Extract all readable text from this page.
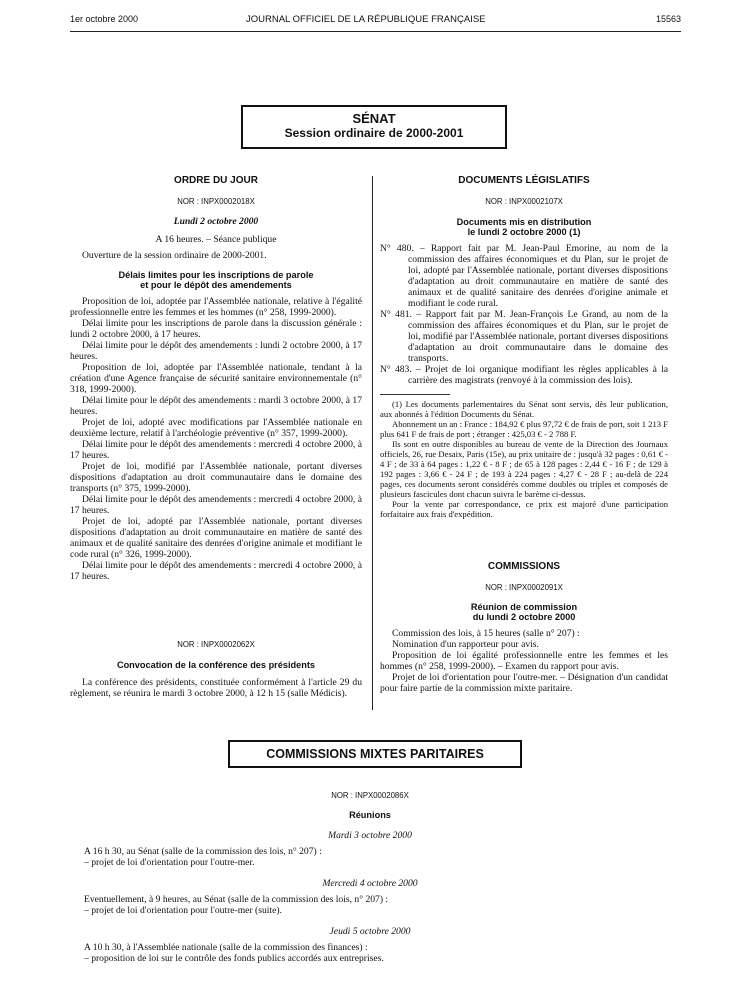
1er octobre 2000	JOURNAL OFFICIEL DE LA RÉPUBLIQUE FRANÇAISE	15563
SÉNAT
Session ordinaire de 2000-2001
ORDRE DU JOUR
NOR : INPX0002018X
Lundi 2 octobre 2000
A 16 heures. – Séance publique

Ouverture de la session ordinaire de 2000-2001.

Délais limites pour les inscriptions de parole
et pour le dépôt des amendements

Proposition de loi, adoptée par l'Assemblée nationale, relative à l'égalité professionnelle entre les femmes et les hommes (n° 258, 1999-2000).

Délai limite pour les inscriptions de parole dans la discussion générale : lundi 2 octobre 2000, à 17 heures.

Délai limite pour le dépôt des amendements : lundi 2 octobre 2000, à 17 heures.

Proposition de loi, adoptée par l'Assemblée nationale, tendant à la création d'une Agence française de sécurité sanitaire environnementale (n° 318, 1999-2000).

Délai limite pour le dépôt des amendements : mardi 3 octobre 2000, à 17 heures.

Projet de loi, adopté avec modifications par l'Assemblée nationale en deuxième lecture, relatif à l'archéologie préventive (n° 357, 1999-2000).

Délai limite pour le dépôt des amendements : mercredi 4 octobre 2000, à 17 heures.

Projet de loi, modifié par l'Assemblée nationale, portant diverses dispositions d'adaptation au droit communautaire dans le domaine des transports (n° 375, 1999-2000).

Délai limite pour le dépôt des amendements : mercredi 4 octobre 2000, à 17 heures.

Projet de loi, adopté par l'Assemblée nationale, portant diverses dispositions d'adaptation au droit communautaire en matière de santé des animaux et de qualité sanitaire des denrées d'origine animale et modifiant le code rural (n° 326, 1999-2000).

Délai limite pour le dépôt des amendements : mercredi 4 octobre 2000, à 17 heures.

NOR : INPX0002062X
Convocation de la conférence des présidents

La conférence des présidents, constituée conformément à l'article 29 du règlement, se réunira le mardi 3 octobre 2000, à 12 h 15 (salle Médicis).

DOCUMENTS LÉGISLATIFS
NOR : INPX0002107X
Documents mis en distribution
le lundi 2 octobre 2000 (1)

N° 480. – Rapport fait par M. Jean-Paul Emorine, au nom de la commission des affaires économiques et du Plan, sur le projet de loi, adopté par l'Assemblée nationale, portant diverses dispositions d'adaptation au droit communautaire en matière de santé des animaux et de qualité sanitaire des denrées d'origine animale et modifiant le code rural.

N° 481. – Rapport fait par M. Jean-François Le Grand, au nom de la commission des affaires économiques et du Plan, sur le projet de loi, modifié par l'Assemblée nationale, portant diverses dispositions d'adaptation au droit communautaire dans le domaine des transports.

N° 483. – Projet de loi organique modifiant les règles applicables à la carrière des magistrats (renvoyé à la commission des lois).

(1) Les documents parlementaires du Sénat sont servis, dès leur publication, aux abonnés à l'édition Documents du Sénat.

Abonnement un an : France : 184,92 € plus 97,72 € de frais de port, soit 1 213 F plus 641 F de frais de port ; étranger : 425,03 € - 2 788 F.

Ils sont en outre disponibles au bureau de vente de la Direction des Journaux officiels, 26, rue Desaix, Paris (15e), au prix unitaire de : jusqu'à 32 pages : 0,61 € - 4 F ; de 33 à 64 pages : 1,22 € - 8 F ; de 65 à 128 pages : 2,44 € - 16 F ; de 129 à 192 pages : 3,66 € - 24 F ; de 193 à 224 pages : 4,27 € - 28 F ; au-delà de 224 pages, ces documents seront considérés comme doubles ou triples et composés de plusieurs fascicules dont chacun suivra le barème ci-dessus.

Pour la vente par correspondance, ce prix est majoré d'une participation forfaitaire aux frais d'expédition.

COMMISSIONS
NOR : INPX0002091X
Réunion de commission
du lundi 2 octobre 2000

Commission des lois, à 15 heures (salle n° 207) :

Nomination d'un rapporteur pour avis.

Proposition de loi égalité professionnelle entre les femmes et les hommes (n° 258, 1999-2000). – Examen du rapport pour avis.

Projet de loi d'orientation pour l'outre-mer. – Désignation d'un candidat pour faire partie de la commission mixte paritaire.

COMMISSIONS MIXTES PARITAIRES
NOR : INPX0002086X
Réunions
Mardi 3 octobre 2000

A 16 h 30, au Sénat (salle de la commission des lois, n° 207) :

– projet de loi d'orientation pour l'outre-mer.

Mercredi 4 octobre 2000

Eventuellement, à 9 heures, au Sénat (salle de la commission des lois, n° 207) :

– projet de loi d'orientation pour l'outre-mer (suite).

Jeudi 5 octobre 2000

A 10 h 30, à l'Assemblée nationale (salle de la commission des finances) :

– proposition de loi sur le contrôle des fonds publics accordés aux entreprises.
